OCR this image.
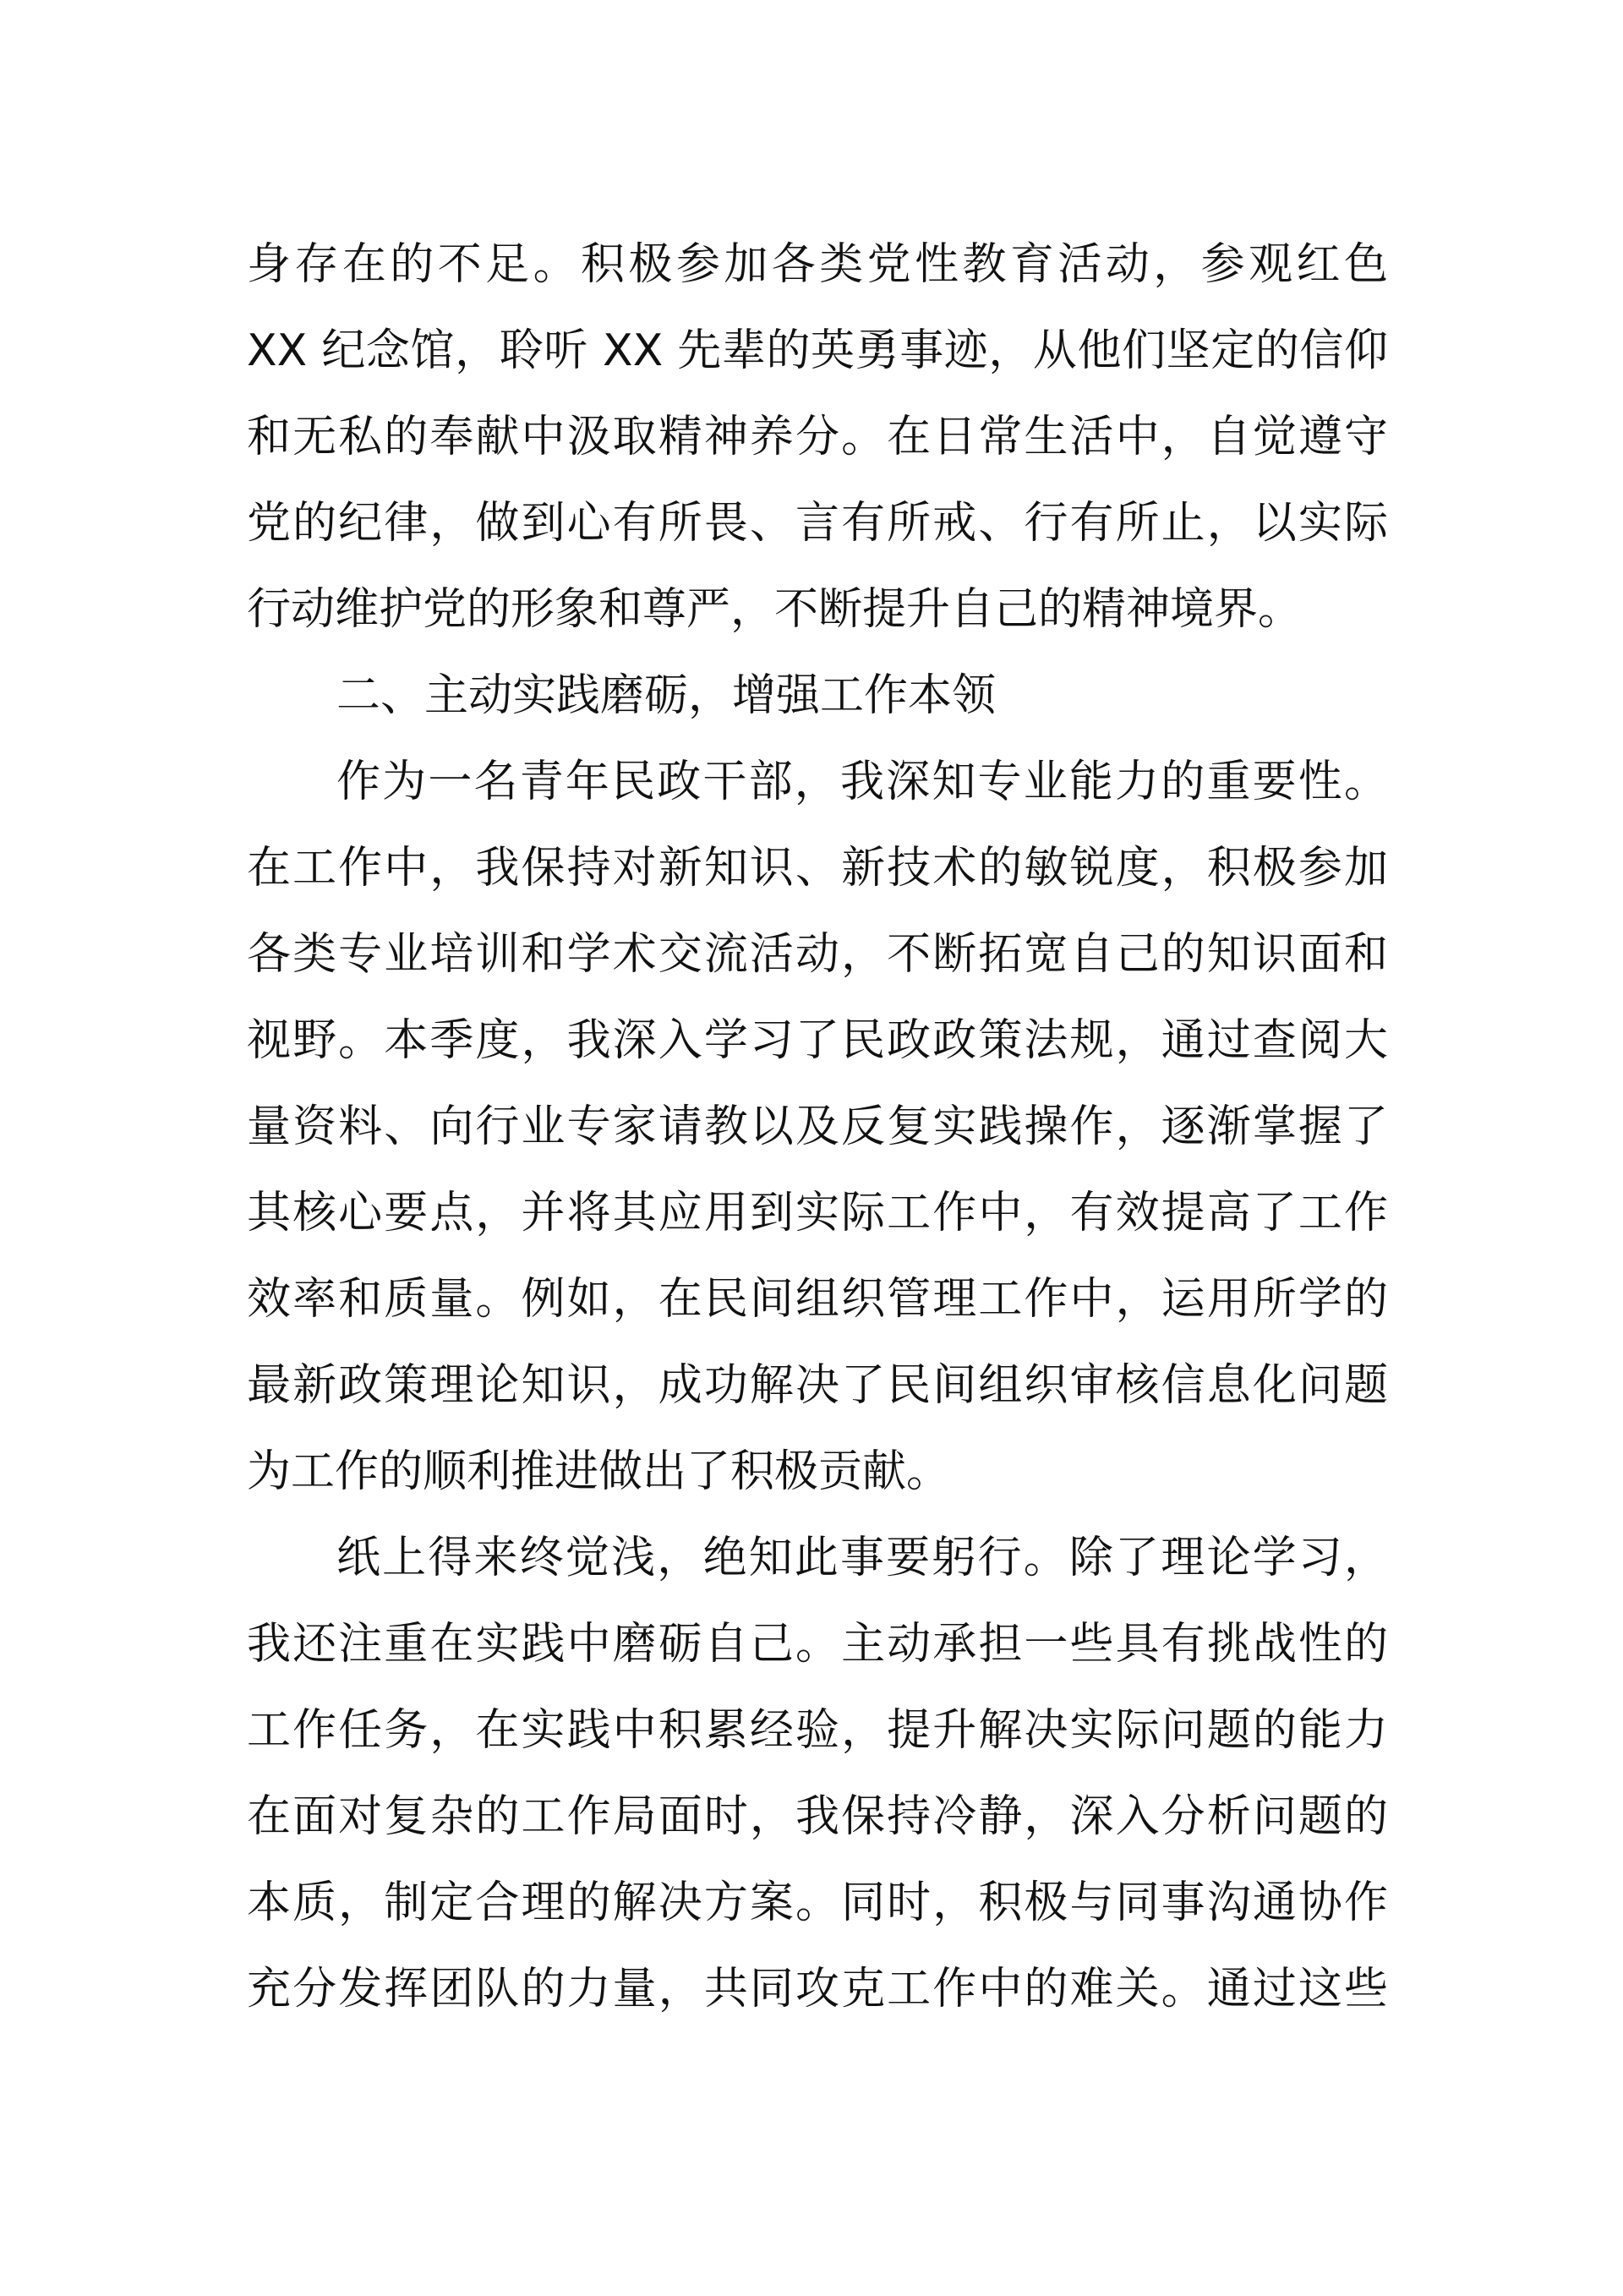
身存在的不足。积极参加各类党性教育活动，参观红色
XX 纪念馆，聆听 XX 先辈的英勇事迹，从他们坚定的信仰
和无私的奉献中汲取精神养分。在日常生活中，自觉遵守
党的纪律，做到心有所畏、言有所戒、行有所止，以实际
行动维护党的形象和尊严，不断提升自己的精神境界。
二、主动实践磨砺，增强工作本领
作为一名青年民政干部，我深知专业能力的重要性。
在工作中，我保持对新知识、新技术的敏锐度，积极参加
各类专业培训和学术交流活动，不断拓宽自己的知识面和
视野。本季度，我深入学习了民政政策法规，通过查阅大
量资料、向行业专家请教以及反复实践操作，逐渐掌握了
其核心要点，并将其应用到实际工作中，有效提高了工作
效率和质量。例如，在民间组织管理工作中，运用所学的
最新政策理论知识，成功解决了民间组织审核信息化问题
为工作的顺利推进做出了积极贡献。
纸上得来终觉浅，绝知此事要躬行。除了理论学习，
我还注重在实践中磨砺自己。主动承担一些具有挑战性的
工作任务，在实践中积累经验，提升解决实际问题的能力
在面对复杂的工作局面时，我保持冷静，深入分析问题的
本质，制定合理的解决方案。同时，积极与同事沟通协作
充分发挥团队的力量，共同攻克工作中的难关。通过这些
